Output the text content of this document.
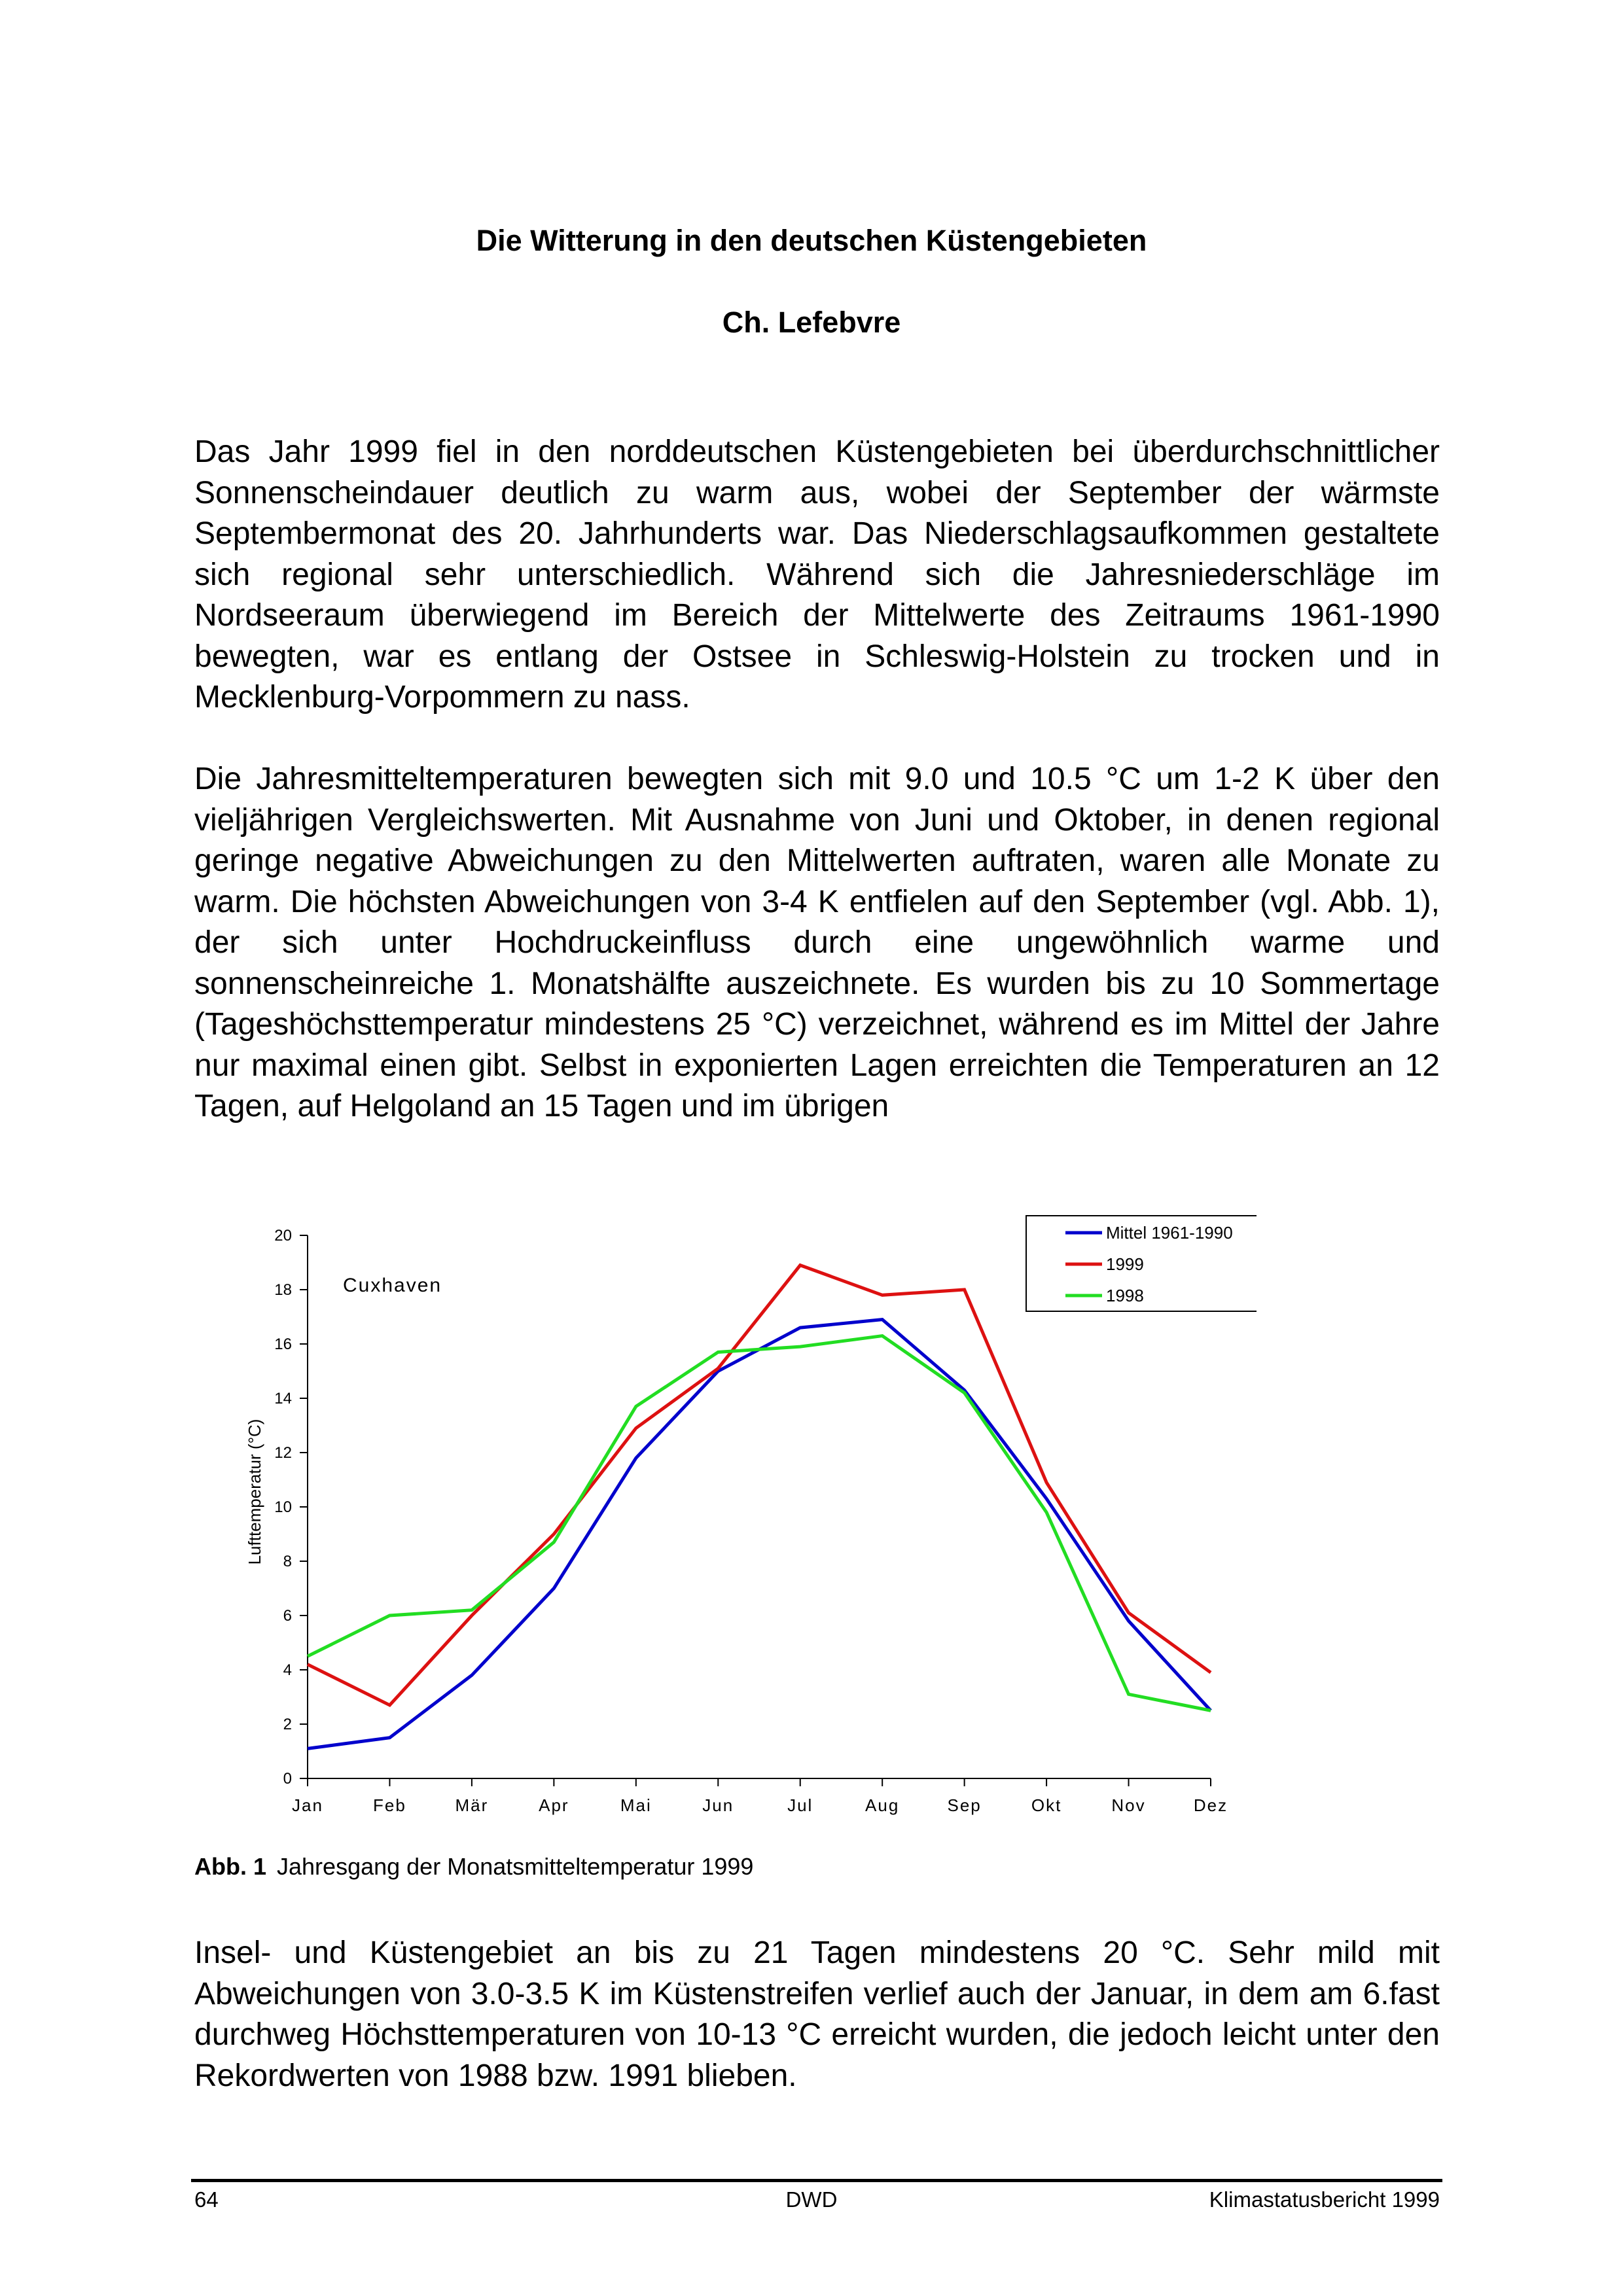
Die Witterung in den deutschen Küstengebieten
Ch. Lefebvre

Das Jahr 1999 fiel in den norddeutschen Küstengebieten bei überdurchschnittlicher Sonnenscheindauer deutlich zu warm aus, wobei der September der wärmste Septembermonat des 20. Jahrhunderts war. Das Niederschlagsaufkommen gestaltete sich regional sehr unterschiedlich. Während sich die Jahresniederschläge im Nordseeraum überwiegend im Bereich der Mittelwerte des Zeitraums 1961-1990 bewegten, war es entlang der Ostsee in Schleswig-Holstein zu trocken und in Mecklenburg-Vorpommern zu nass.

Die Jahresmitteltemperaturen bewegten sich mit 9.0 und 10.5 °C um 1-2 K über den vieljährigen Vergleichswerten. Mit Ausnahme von Juni und Oktober, in denen regional geringe negative Abweichungen zu den Mittelwerten auftraten, waren alle Monate zu warm. Die höchsten Abweichungen von 3-4 K entfielen auf den September (vgl. Abb. 1), der sich unter Hochdruckeinfluss durch eine ungewöhnlich warme und sonnenscheinreiche 1. Monatshälfte auszeichnete. Es wurden bis zu 10 Sommertage (Tageshöchsttemperatur mindestens 25 °C) verzeichnet, während es im Mittel der Jahre nur maximal einen gibt. Selbst in exponierten Lagen erreichten die Temperaturen an 12 Tagen, auf Helgoland an 15 Tagen und im übrigen

0
2
4
6
8
10
12
14
16
18
20
Jan	Feb	Mär	Apr	Mai	Jun	Jul	Aug	Sep	Okt	Nov	Dez
Cuxhaven
Lufttemperatur (°C)
Mittel 1961-1990
1999
1998
Abb. 1 Jahresgang der Monatsmitteltemperatur 1999

Insel- und Küstengebiet an bis zu 21 Tagen mindestens 20 °C. Sehr mild mit Abweichungen von 3.0-3.5 K im Küstenstreifen verlief auch der Januar, in dem am 6.fast durchweg Höchsttemperaturen von 10-13 °C erreicht wurden, die jedoch leicht unter den Rekordwerten von 1988 bzw. 1991 blieben.

64	DWD	Klimastatusbericht 1999
